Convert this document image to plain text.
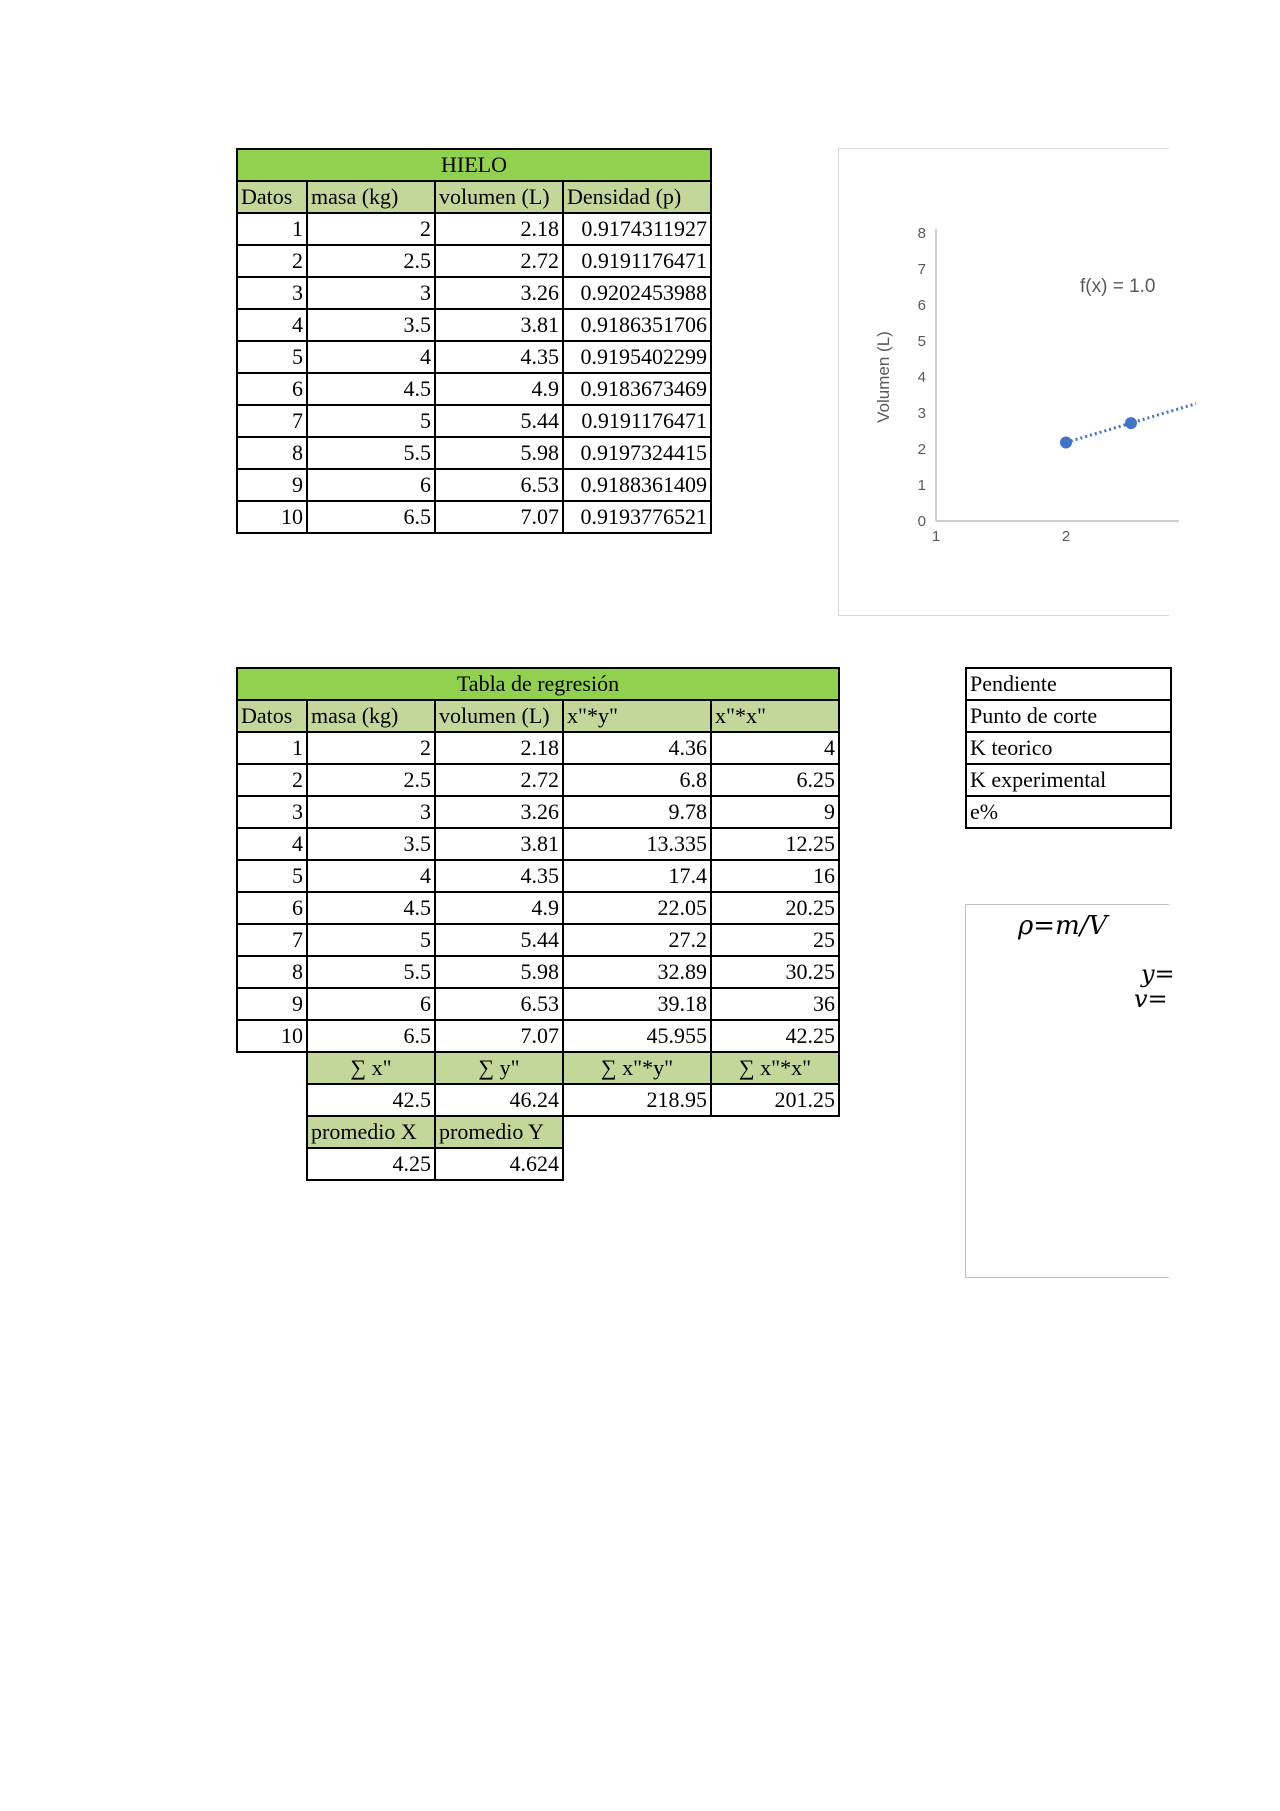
HIELO			
Datos	masa (kg)	volumen (L)	Densidad (p)
1	2	2.18	0.9174311927
2	2.5	2.72	0.9191176471
3	3	3.26	0.9202453988
4	3.5	3.81	0.9186351706
5	4	4.35	0.9195402299
6	4.5	4.9	0.9183673469
7	5	5.44	0.9191176471
8	5.5	5.98	0.9197324415
9	6	6.53	0.9188361409
10	6.5	7.07	0.9193776521	0
1
2
3
4
5
6
7
8
1	2
Volumen (L)
f(x) = 1.0
Tabla de regresión				
Datos	masa (kg)	volumen (L)	x"*y"	x"*x"
1	2	2.18	4.36	4
2	2.5	2.72	6.8	6.25
3	3	3.26	9.78	9
4	3.5	3.81	13.335	12.25
5	4	4.35	17.4	16
6	4.5	4.9	22.05	20.25
7	5	5.44	27.2	25
8	5.5	5.98	32.89	30.25
9	6	6.53	39.18	36
10	6.5	7.07	45.955	42.25
	∑ x"	∑ y"	∑ x"*y"	∑ x"*x"
	42.5	46.24	218.95	201.25
	promedio X	promedio Y		
	4.25	4.624		
Pendiente
Punto de corte
K teorico
K experimental
e%
ρ=m/V
y=
v=
